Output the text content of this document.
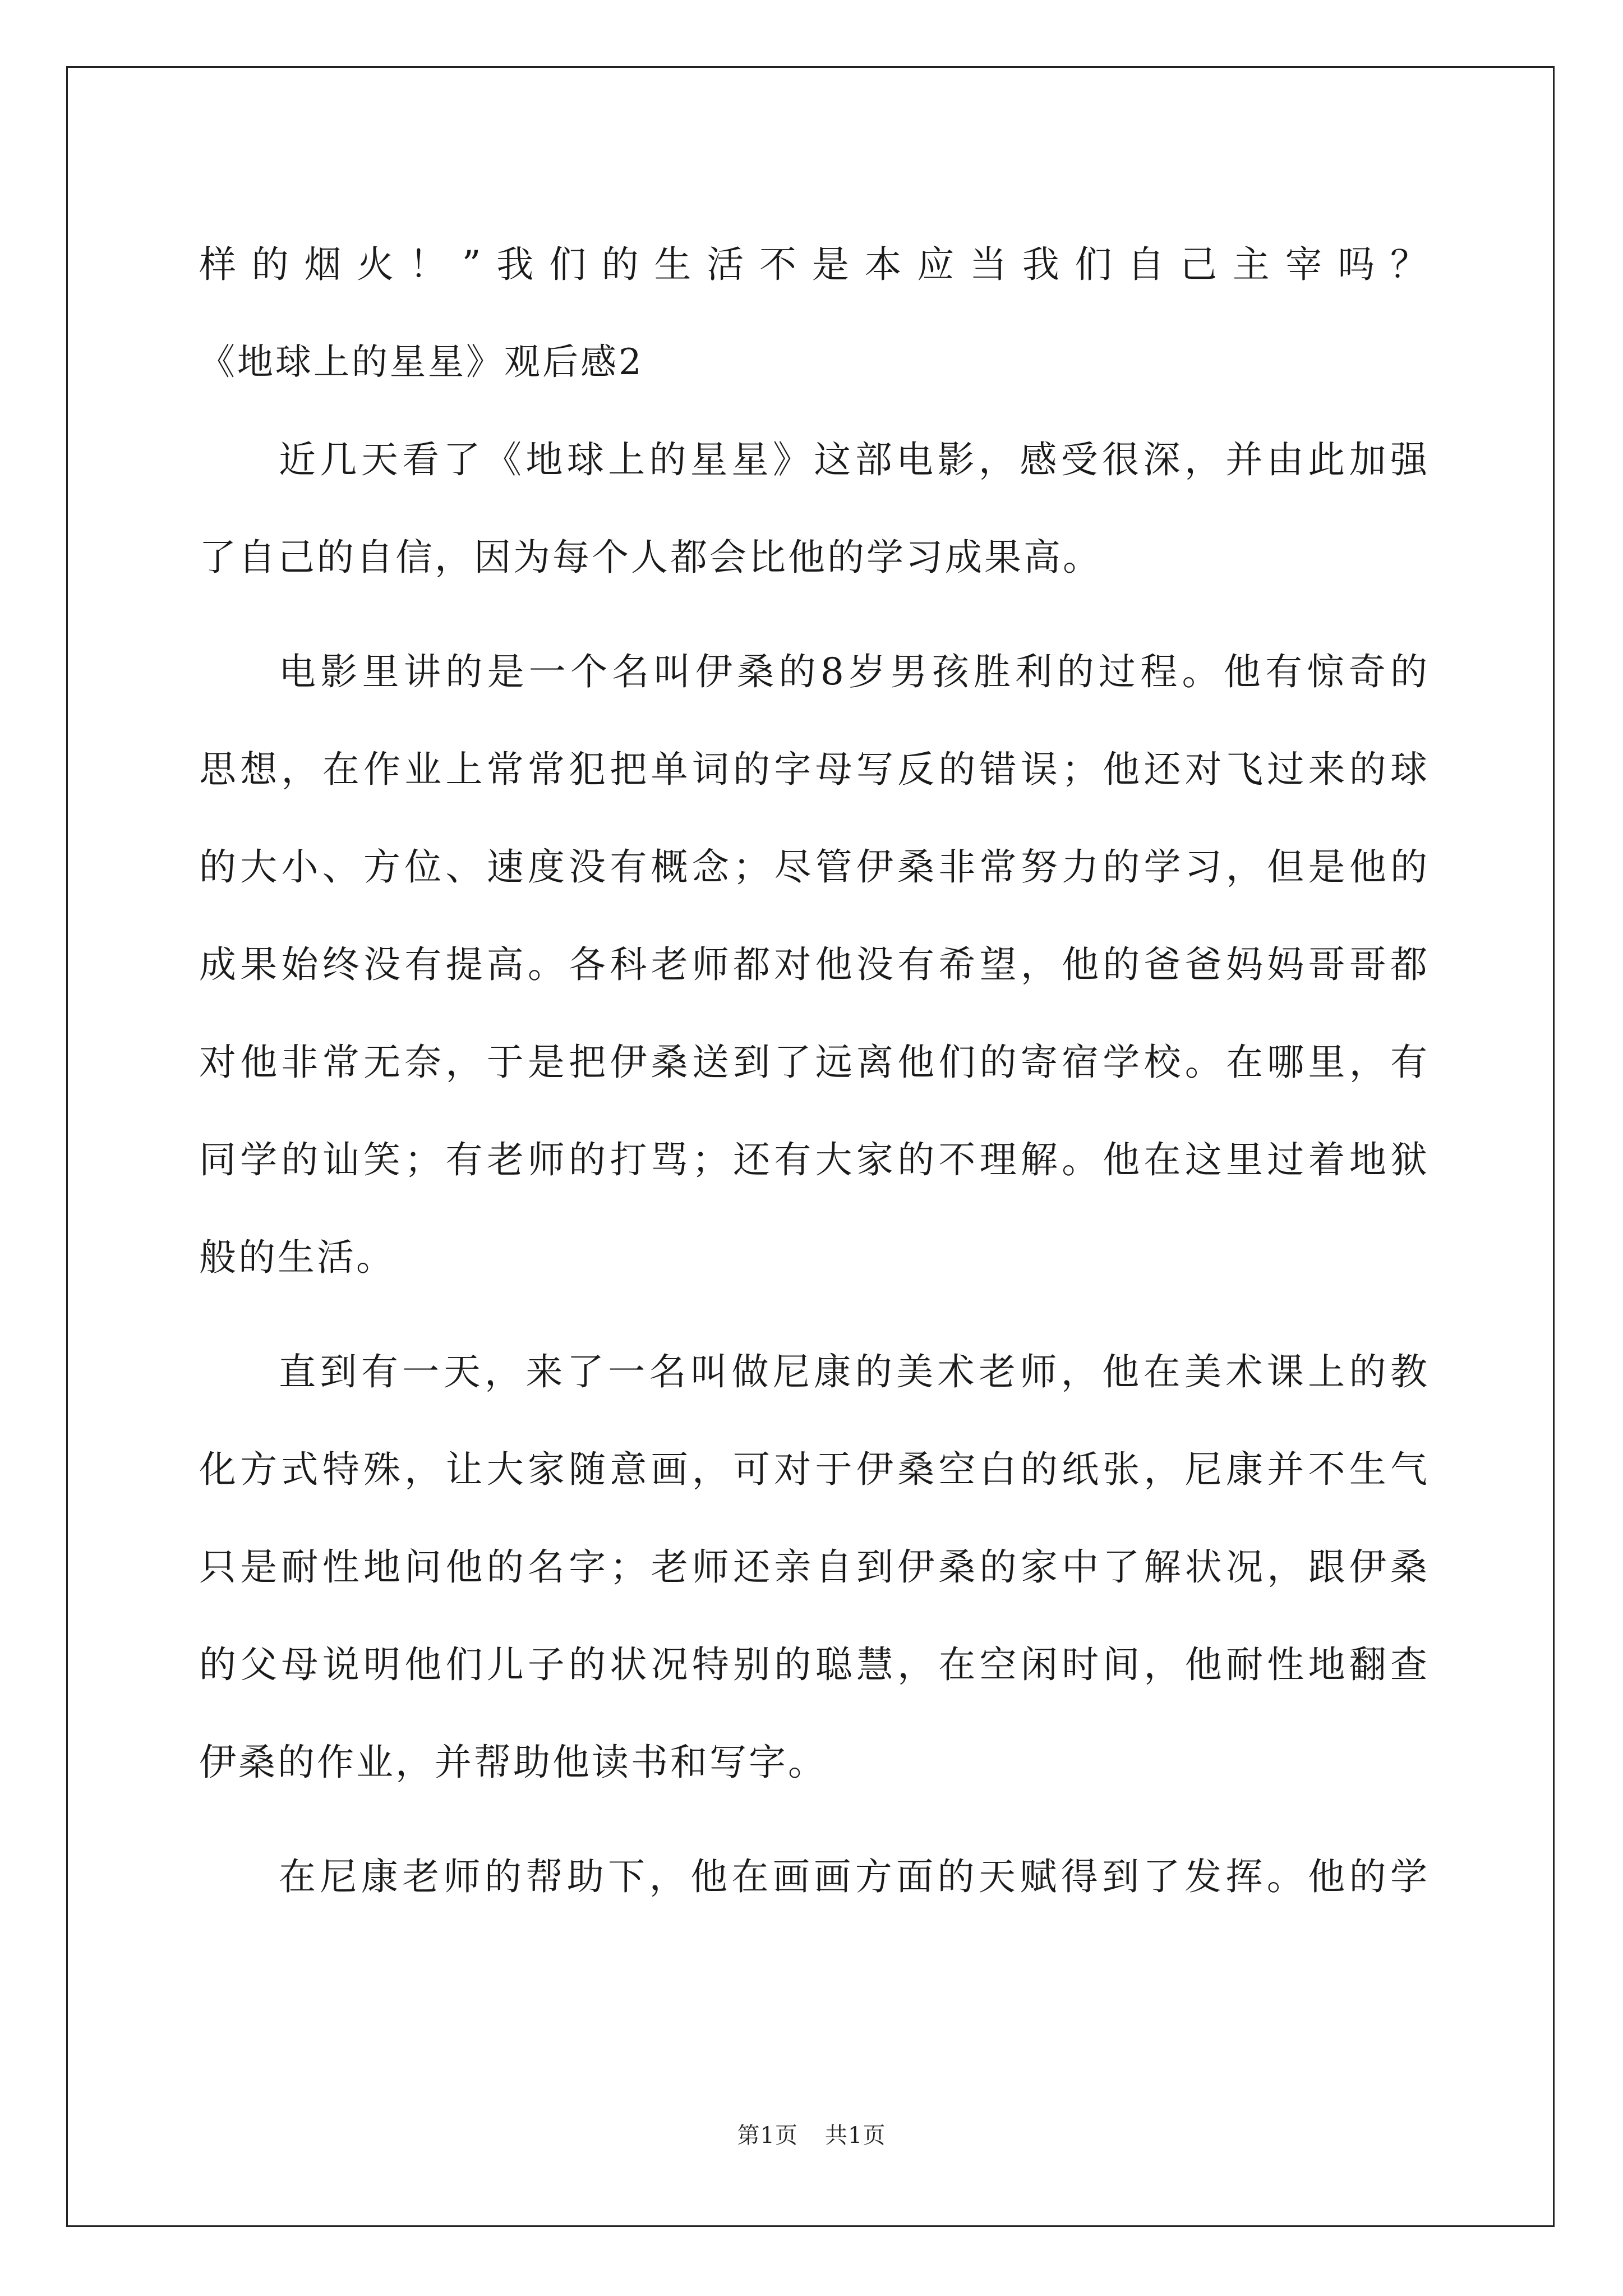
样的烟火！”我们的生活不是本应当我们自己主宰吗？
《地球上的星星》观后感2
近几天看了《地球上的星星》这部电影，感受很深，并由此加强
了自己的自信，因为每个人都会比他的学习成果高。
电影里讲的是一个名叫伊桑的8岁男孩胜利的过程。他有惊奇的
思想，在作业上常常犯把单词的字母写反的错误；他还对飞过来的球
的大小、方位、速度没有概念；尽管伊桑非常努力的学习，但是他的
成果始终没有提高。各科老师都对他没有希望，他的爸爸妈妈哥哥都
对他非常无奈，于是把伊桑送到了远离他们的寄宿学校。在哪里，有
同学的讪笑；有老师的打骂；还有大家的不理解。他在这里过着地狱
般的生活。
直到有一天，来了一名叫做尼康的美术老师，他在美术课上的教
化方式特殊，让大家随意画，可对于伊桑空白的纸张，尼康并不生气
只是耐性地问他的名字；老师还亲自到伊桑的家中了解状况，跟伊桑
的父母说明他们儿子的状况特别的聪慧，在空闲时间，他耐性地翻查
伊桑的作业，并帮助他读书和写字。
在尼康老师的帮助下，他在画画方面的天赋得到了发挥。他的学
第1页 共1页
